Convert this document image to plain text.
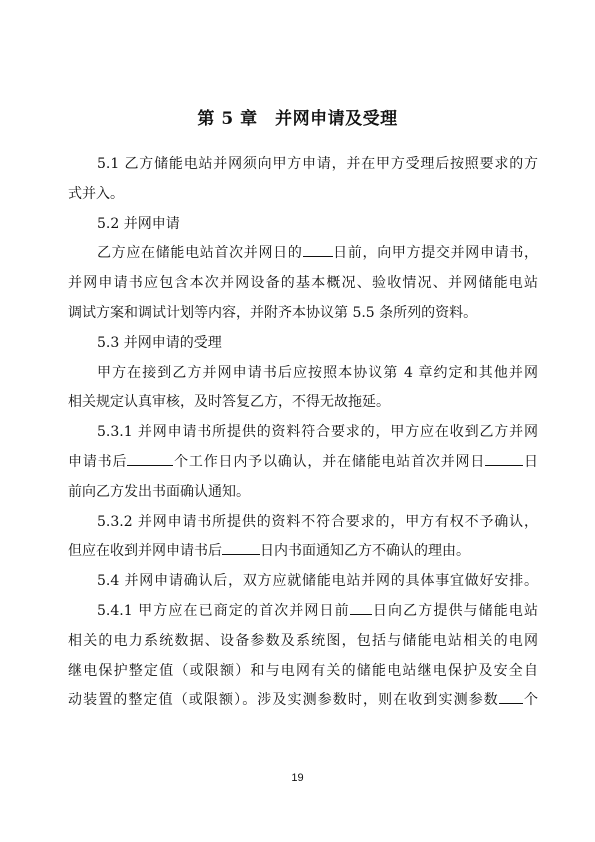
第 5 章　并网申请及受理
5.1 乙方储能电站并网须向甲方申请，并在甲方受理后按照要求的方
式并入。
5.2 并网申请
乙方应在储能电站首次并网日的 日前，向甲方提交并网申请书，
并网申请书应包含本次并网设备的基本概况、验收情况、并网储能电站
调试方案和调试计划等内容，并附齐本协议第 5.5 条所列的资料。
5.3 并网申请的受理
甲方在接到乙方并网申请书后应按照本协议第 4 章约定和其他并网
相关规定认真审核，及时答复乙方，不得无故拖延。
5.3.1 并网申请书所提供的资料符合要求的，甲方应在收到乙方并网
申请书后	个工作日内予以确认，并在储能电站首次并网日	日
前向乙方发出书面确认通知。
5.3.2 并网申请书所提供的资料不符合要求的，甲方有权不予确认，
但应在收到并网申请书后	日内书面通知乙方不确认的理由。
5.4 并网申请确认后，双方应就储能电站并网的具体事宜做好安排。
5.4.1 甲方应在已商定的首次并网日前 日向乙方提供与储能电站
相关的电力系统数据、设备参数及系统图，包括与储能电站相关的电网
继电保护整定值（或限额）和与电网有关的储能电站继电保护及安全自
动装置的整定值（或限额）。涉及实测参数时，则在收到实测参数 个
19
